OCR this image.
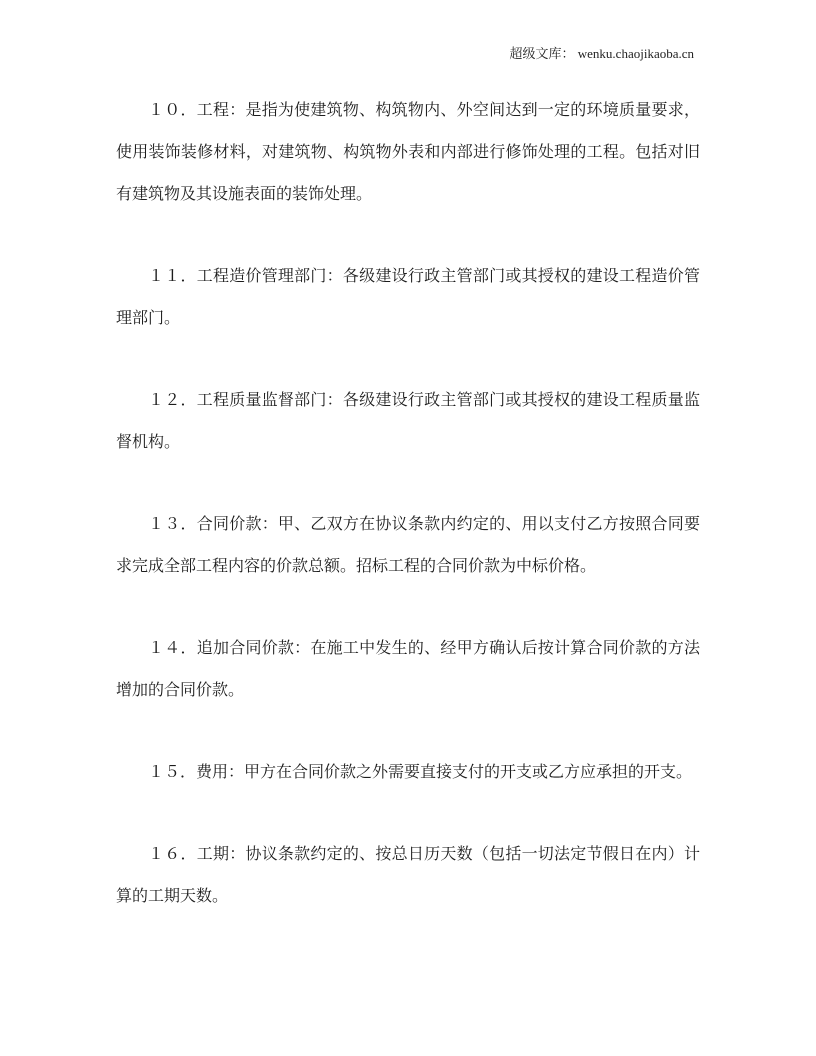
超级文库： wenku.chaojikaoba.cn

１０．工程：是指为使建筑物、构筑物内、外空间达到一定的环境质量要求，使用装饰装修材料，对建筑物、构筑物外表和内部进行修饰处理的工程。包括对旧有建筑物及其设施表面的装饰处理。

１１．工程造价管理部门：各级建设行政主管部门或其授权的建设工程造价管理部门。

１２．工程质量监督部门：各级建设行政主管部门或其授权的建设工程质量监督机构。

１３．合同价款：甲、乙双方在协议条款内约定的、用以支付乙方按照合同要求完成全部工程内容的价款总额。招标工程的合同价款为中标价格。

１４．追加合同价款：在施工中发生的、经甲方确认后按计算合同价款的方法增加的合同价款。

１５．费用：甲方在合同价款之外需要直接支付的开支或乙方应承担的开支。

１６．工期：协议条款约定的、按总日历天数（包括一切法定节假日在内）计算的工期天数。
